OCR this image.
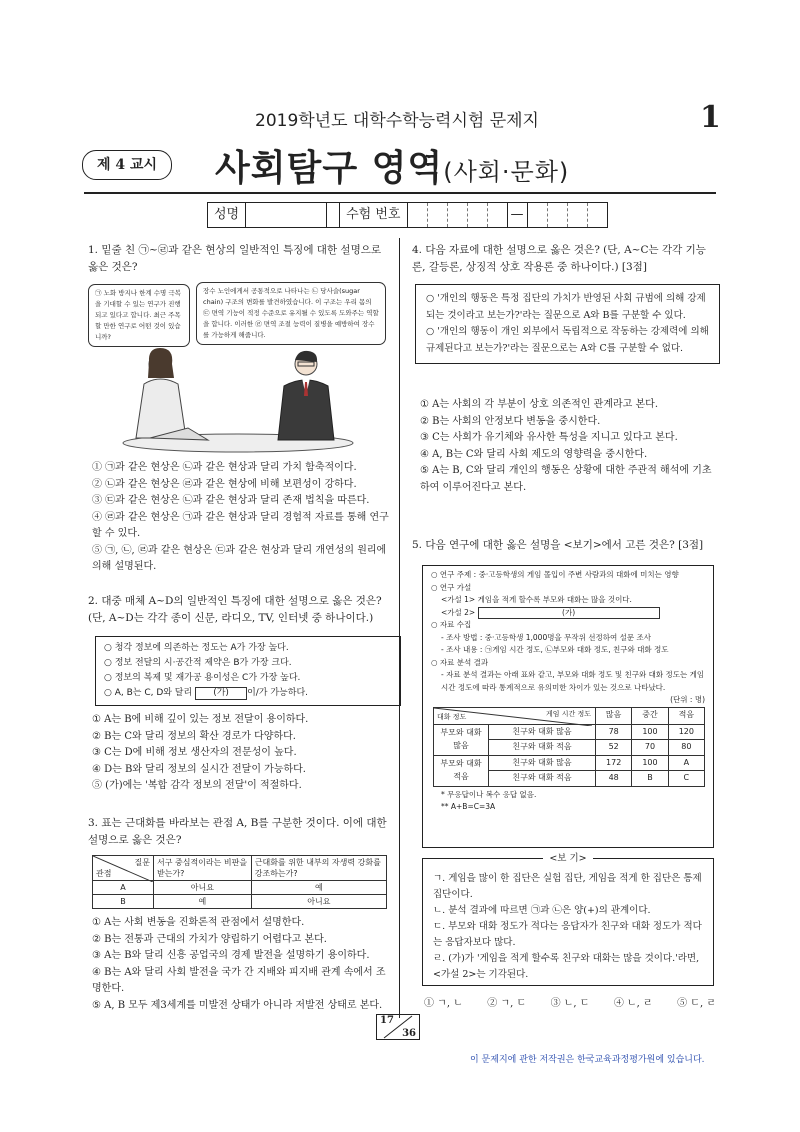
2019학년도 대학수학능력시험 문제지	1
제 4 교시	사회탐구 영역(사회·문화)
성명	수험 번호	—
1. 밑줄 친 ㉠~㉣과 같은 현상의 일반적인 특징에 대한 설명으로 옳은 것은?
㉠ 노화 방지나 한계 수명 극복을 기대할 수 있는 연구가 진행되고 있다고 합니다. 최근 주목할 만한 연구로 어떤 것이 있습니까?
장수 노인에게서 공통적으로 나타나는 ㉡ 당사슬(sugar chain) 구조의 변화를 발견하였습니다. 이 구조는 우리 몸의 ㉢ 면역 기능이 적정 수준으로 유지될 수 있도록 도와주는 역할을 합니다. 이러한 ㉣ 면역 조절 능력이 질병을 예방하여 장수를 가능하게 해줍니다.
① ㉠과 같은 현상은 ㉡과 같은 현상과 달리 가치 함축적이다.
② ㉡과 같은 현상은 ㉣과 같은 현상에 비해 보편성이 강하다.
③ ㉢과 같은 현상은 ㉡과 같은 현상과 달리 존재 법칙을 따른다.
④ ㉣과 같은 현상은 ㉠과 같은 현상과 달리 경험적 자료를 통해 연구할 수 있다.
⑤ ㉠, ㉡, ㉣과 같은 현상은 ㉢과 같은 현상과 달리 개연성의 원리에 의해 설명된다.
2. 대중 매체 A~D의 일반적인 특징에 대한 설명으로 옳은 것은? (단, A~D는 각각 종이 신문, 라디오, TV, 인터넷 중 하나이다.)
○ 청각 정보에 의존하는 정도는 A가 가장 높다.
○ 정보 전달의 시·공간적 제약은 B가 가장 크다.
○ 정보의 복제 및 재가공 용이성은 C가 가장 높다.
○ A, B는 C, D와 달리 (가) 이/가 가능하다.
① A는 B에 비해 깊이 있는 정보 전달이 용이하다.
② B는 C와 달리 정보의 확산 경로가 다양하다.
③ C는 D에 비해 정보 생산자의 전문성이 높다.
④ D는 B와 달리 정보의 실시간 전달이 가능하다.
⑤ (가)에는 '복합 감각 정보의 전달'이 적절하다.
3. 표는 근대화를 바라보는 관점 A, B를 구분한 것이다. 이에 대한 설명으로 옳은 것은?
질문
관점	서구 중심적이라는 비판을 받는가?	근대화를 위한 내부의 자생력 강화를 강조하는가?
A	아니요	예
B	예	아니요
① A는 사회 변동을 진화론적 관점에서 설명한다.
② B는 전통과 근대의 가치가 양립하기 어렵다고 본다.
③ A는 B와 달리 신흥 공업국의 경제 발전을 설명하기 용이하다.
④ B는 A와 달리 사회 발전을 국가 간 지배와 피지배 관계 속에서 조명한다.
⑤ A, B 모두 제3세계를 미발전 상태가 아니라 저발전 상태로 본다.
4. 다음 자료에 대한 설명으로 옳은 것은? (단, A~C는 각각 기능론, 갈등론, 상징적 상호 작용론 중 하나이다.) [3점]
○ '개인의 행동은 특정 집단의 가치가 반영된 사회 규범에 의해 강제되는 것이라고 보는가?'라는 질문으로 A와 B를 구분할 수 있다.
○ '개인의 행동이 개인 외부에서 독립적으로 작동하는 강제력에 의해 규제된다고 보는가?'라는 질문으로는 A와 C를 구분할 수 없다.
① A는 사회의 각 부분이 상호 의존적인 관계라고 본다.
② B는 사회의 안정보다 변동을 중시한다.
③ C는 사회가 유기체와 유사한 특성을 지니고 있다고 본다.
④ A, B는 C와 달리 사회 제도의 영향력을 중시한다.
⑤ A는 B, C와 달리 개인의 행동은 상황에 대한 주관적 해석에 기초하여 이루어진다고 본다.
5. 다음 연구에 대한 옳은 설명을 <보기>에서 고른 것은? [3점]
○ 연구 주제 : 중·고등학생의 게임 몰입이 주변 사람과의 대화에 미치는 영향
○ 연구 가설
<가설 1> 게임을 적게 할수록 부모와 대화는 많을 것이다.
<가설 2>	(가)
○ 자료 수집
- 조사 방법 : 중·고등학생 1,000명을 무작위 선정하여 설문 조사
- 조사 내용 : ㉠게임 시간 정도, ㉡부모와 대화 정도, 친구와 대화 정도
○ 자료 분석 결과
- 자료 분석 결과는 아래 표와 같고, 부모와 대화 정도 및 친구와 대화 정도는 게임 시간 정도에 따라 통계적으로 유의미한 차이가 있는 것으로 나타났다.
(단위 : 명)
게임 시간 정도
대화 정도		많음	중간	적음
부모와 대화 많음	친구와 대화 많음	78	100	120
	친구와 대화 적음	52	70	80
부모와 대화 적음	친구와 대화 많음	172	100	A
	친구와 대화 적음	48	B	C
* 무응답이나 복수 응답 없음.
** A+B=C=3A
<보 기>
ㄱ. 게임을 많이 한 집단은 실험 집단, 게임을 적게 한 집단은 통제 집단이다.
ㄴ. 분석 결과에 따르면 ㉠과 ㉡은 양(+)의 관계이다.
ㄷ. 부모와 대화 정도가 적다는 응답자가 친구와 대화 정도가 적다는 응답자보다 많다.
ㄹ. (가)가 '게임을 적게 할수록 친구와 대화는 많을 것이다.'라면, <가설 2>는 기각된다.
① ㄱ, ㄴ ② ㄱ, ㄷ ③ ㄴ, ㄷ ④ ㄴ, ㄹ ⑤ ㄷ, ㄹ
17
36
이 문제지에 관한 저작권은 한국교육과정평가원에 있습니다.
